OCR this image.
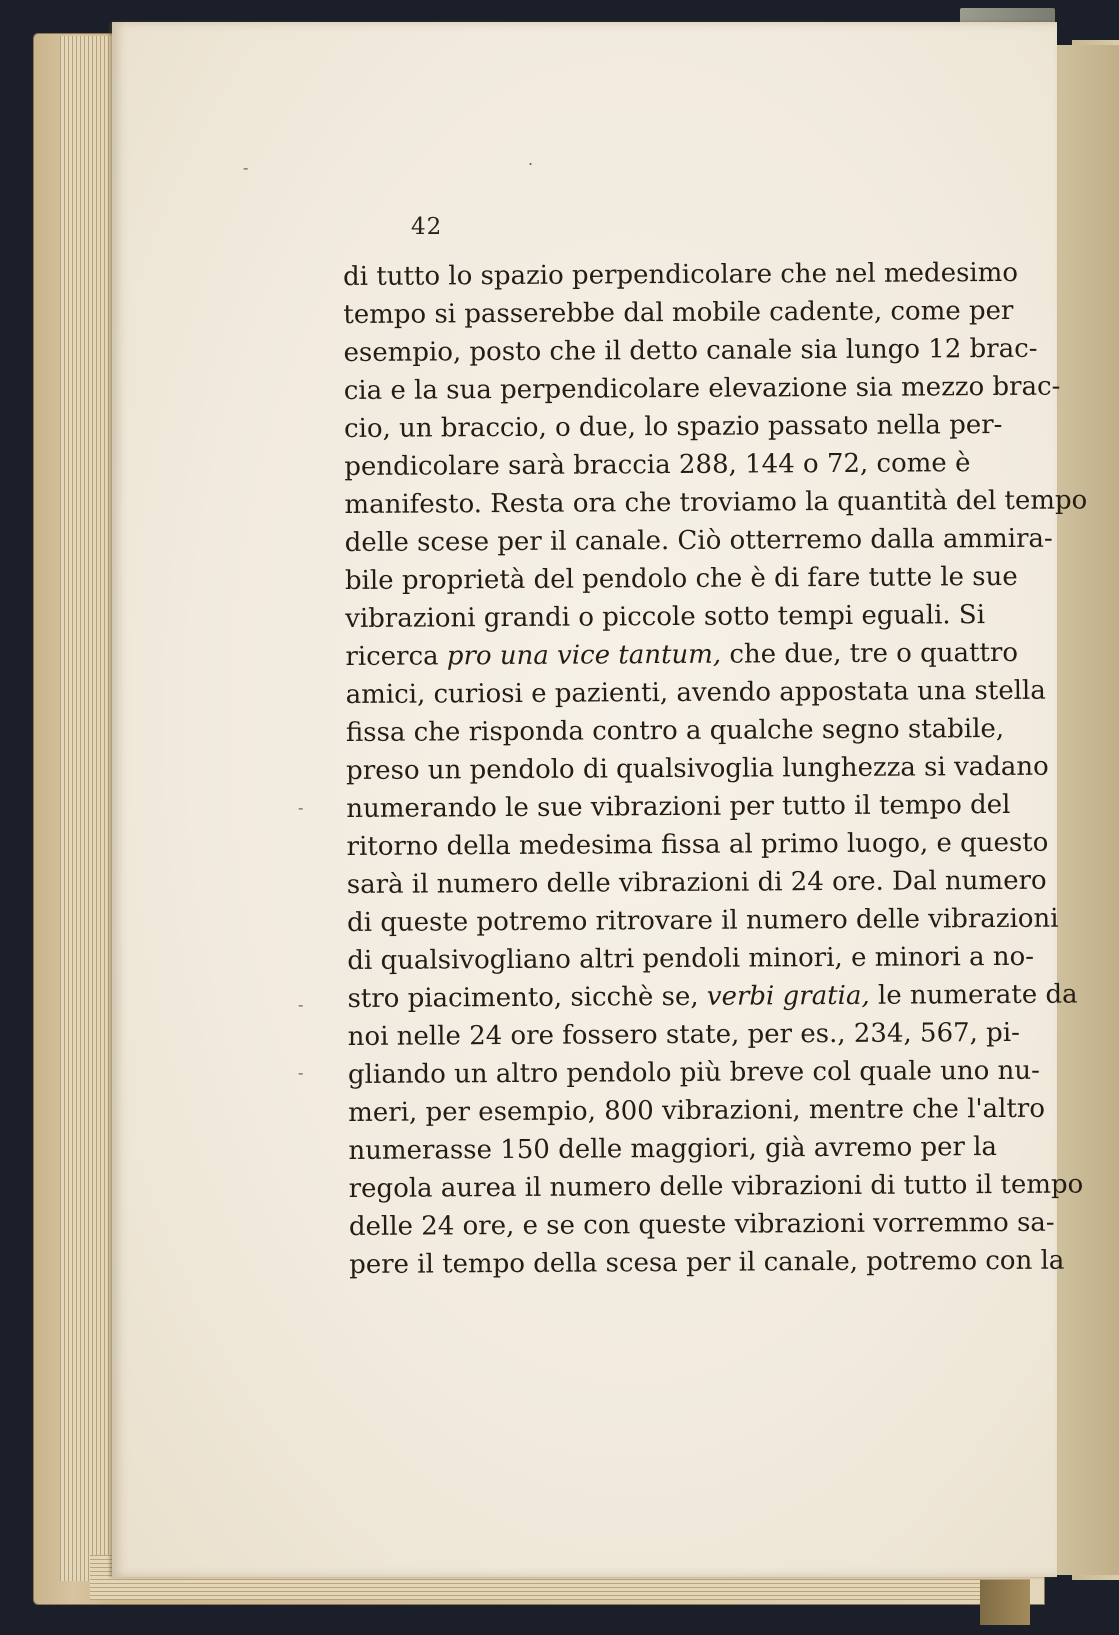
-	.
-
-
-
42
di tutto lo spazio perpendicolare che nel medesimo
tempo si passerebbe dal mobile cadente, come per
esempio, posto che il detto canale sia lungo 12 brac-
cia e la sua perpendicolare elevazione sia mezzo brac-
cio, un braccio, o due, lo spazio passato nella per-
pendicolare sarà braccia 288, 144 o 72, come è
manifesto. Resta ora che troviamo la quantità del tempo
delle scese per il canale. Ciò otterremo dalla ammira-
bile proprietà del pendolo che è di fare tutte le sue
vibrazioni grandi o piccole sotto tempi eguali. Si
ricerca pro una vice tantum, che due, tre o quattro
amici, curiosi e pazienti, avendo appostata una stella
fissa che risponda contro a qualche segno stabile,
preso un pendolo di qualsivoglia lunghezza si vadano
numerando le sue vibrazioni per tutto il tempo del
ritorno della medesima fissa al primo luogo, e questo
sarà il numero delle vibrazioni di 24 ore. Dal numero
di queste potremo ritrovare il numero delle vibrazioni
di qualsivogliano altri pendoli minori, e minori a no-
stro piacimento, sicchè se, verbi gratia, le numerate da
noi nelle 24 ore fossero state, per es., 234, 567, pi-
gliando un altro pendolo più breve col quale uno nu-
meri, per esempio, 800 vibrazioni, mentre che l'altro
numerasse 150 delle maggiori, già avremo per la
regola aurea il numero delle vibrazioni di tutto il tempo
delle 24 ore, e se con queste vibrazioni vorremmo sa-
pere il tempo della scesa per il canale, potremo con la
